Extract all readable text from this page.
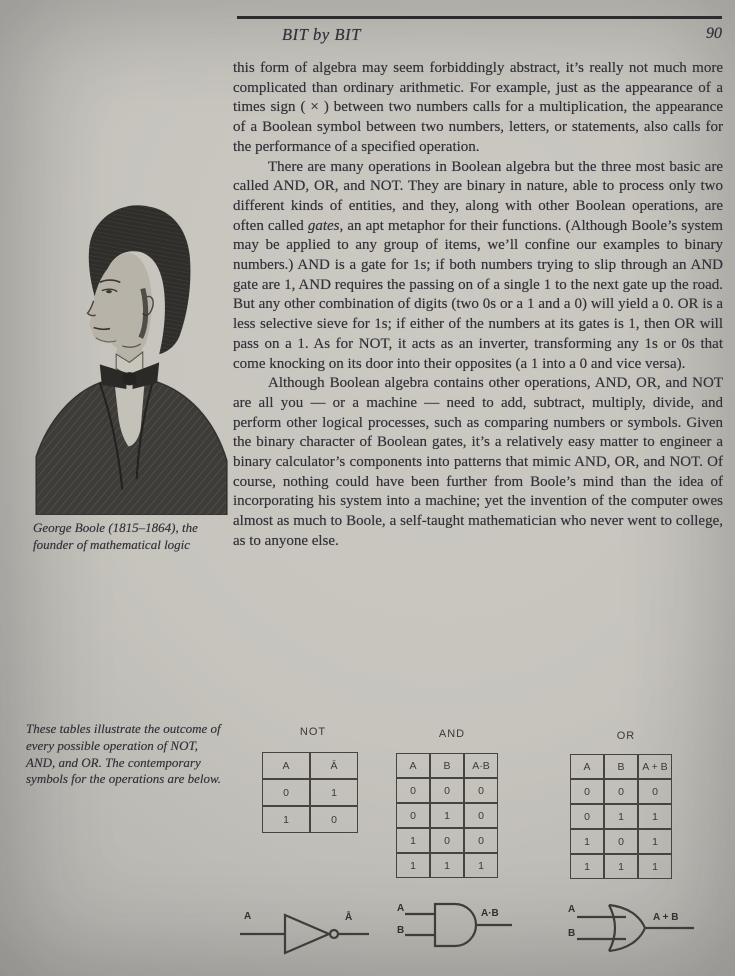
BIT by BIT	90

this form of algebra may seem forbiddingly abstract, it’s really not much more complicated than ordinary arithmetic. For example, just as the appearance of a times sign ( × ) between two numbers calls for a multiplication, the appearance of a Boolean symbol between two numbers, letters, or statements, also calls for the performance of a specified operation.

There are many operations in Boolean algebra but the three most basic are called AND, OR, and NOT. They are binary in nature, able to process only two different kinds of entities, and they, along with other Boolean operations, are often called gates, an apt metaphor for their functions. (Although Boole’s system may be applied to any group of items, we’ll confine our examples to binary numbers.) AND is a gate for 1s; if both numbers trying to slip through an AND gate are 1, AND requires the passing on of a single 1 to the next gate up the road. But any other combination of digits (two 0s or a 1 and a 0) will yield a 0. OR is a less selective sieve for 1s; if either of the numbers at its gates is 1, then OR will pass on a 1. As for NOT, it acts as an inverter, transforming any 1s or 0s that come knocking on its door into their opposites (a 1 into a 0 and vice versa).

Although Boolean algebra contains other operations, AND, OR, and NOT are all you — or a machine — need to add, subtract, multiply, divide, and perform other logical processes, such as comparing numbers or symbols. Given the binary character of Boolean gates, it’s a relatively easy matter to engineer a binary calculator’s components into patterns that mimic AND, OR, and NOT. Of course, nothing could have been further from Boole’s mind than the idea of incorporating his system into a machine; yet the invention of the computer owes almost as much to Boole, a self-taught mathematician who never went to college, as to anyone else.

George Boole (1815–1864), the founder of mathematical logic
These tables illustrate the outcome of every possible operation of NOT, AND, and OR. The contemporary symbols for the operations are below.
NOT	AND	OR
A	Ā
0	1
1	0
A	B	A·B
0	0	0
0	1	0
1	0	0
1	1	1
A	B	A + B
0	0	0
0	1	1
1	0	1
1	1	1
A	Ā
A
B
A·B	A
B
A + B
